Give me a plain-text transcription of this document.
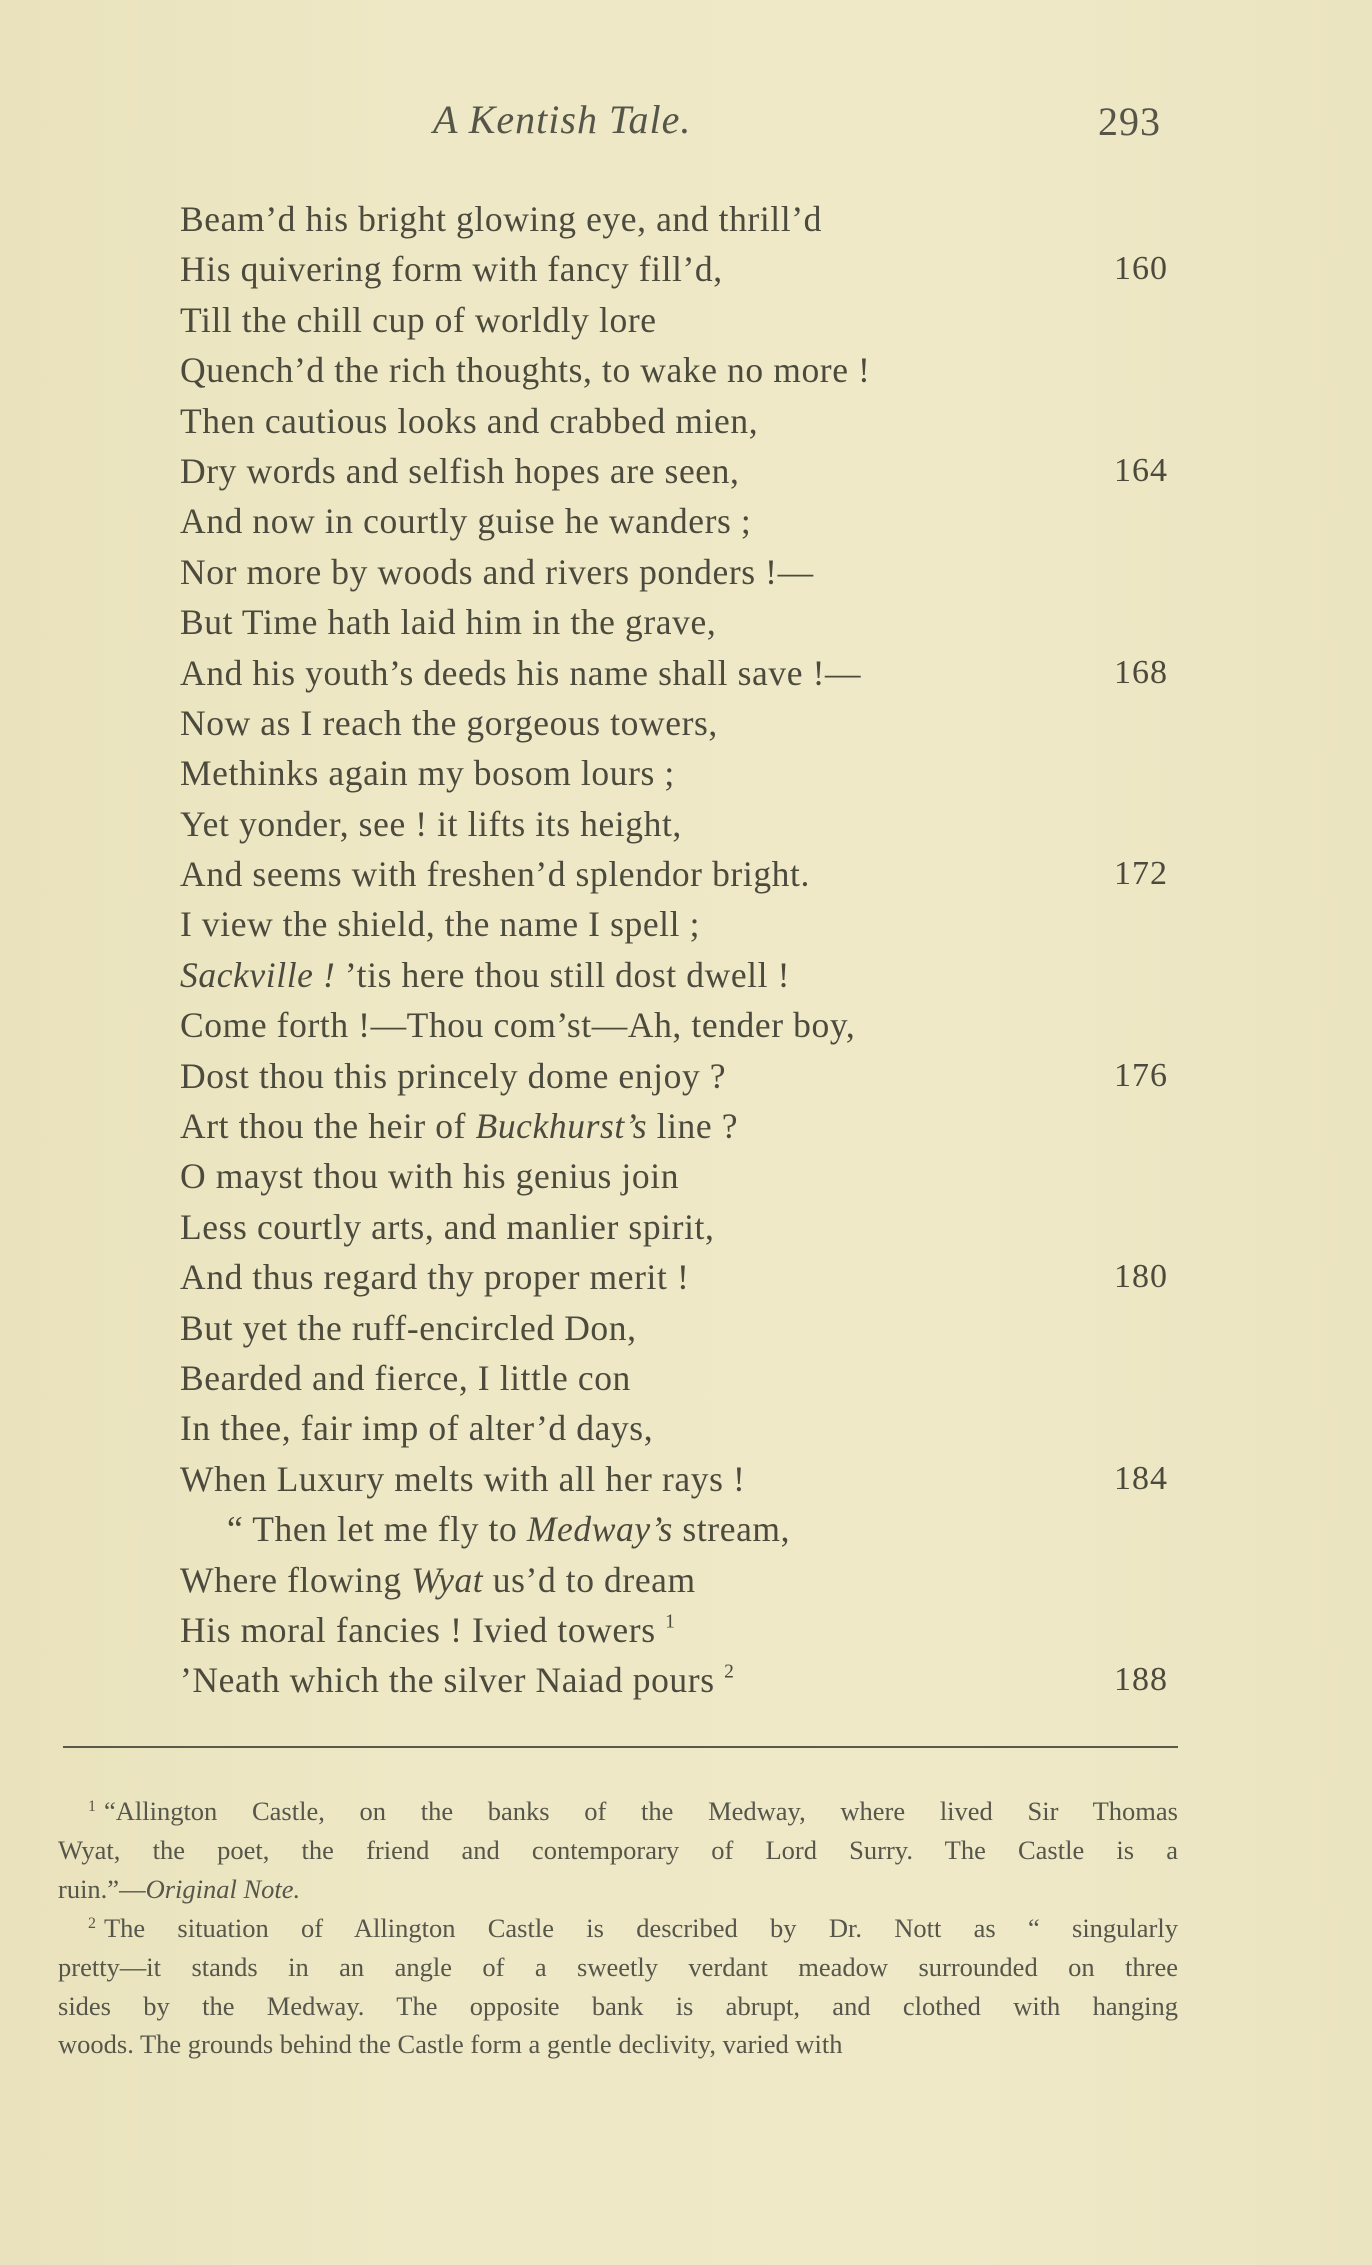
A Kentish Tale.	293
Beam’d his bright glowing eye, and thrill’d
His quivering form with fancy fill’d,	160
Till the chill cup of worldly lore
Quench’d the rich thoughts, to wake no more !
Then cautious looks and crabbed mien,
Dry words and selfish hopes are seen,	164
And now in courtly guise he wanders ;
Nor more by woods and rivers ponders !—
But Time hath laid him in the grave,
And his youth’s deeds his name shall save !—	168
Now as I reach the gorgeous towers,
Methinks again my bosom lours ;
Yet yonder, see ! it lifts its height,
And seems with freshen’d splendor bright.	172
I view the shield, the name I spell ;
Sackville ! ’tis here thou still dost dwell !
Come forth !—Thou com’st—Ah, tender boy,
Dost thou this princely dome enjoy ?	176
Art thou the heir of Buckhurst’s line ?
O mayst thou with his genius join
Less courtly arts, and manlier spirit,
And thus regard thy proper merit !	180
But yet the ruff-encircled Don,
Bearded and fierce, I little con
In thee, fair imp of alter’d days,
When Luxury melts with all her rays !	184
“ Then let me fly to Medway’s stream,
Where flowing Wyat us’d to dream
His moral fancies ! Ivied towers $^1$
’Neath which the silver Naiad pours $^2$	188
$^1$ “Allington Castle, on the banks of the Medway, where lived Sir Thomas
Wyat, the poet, the friend and contemporary of Lord Surry. The Castle is a
ruin.”—Original Note.
$^2$ The situation of Allington Castle is described by Dr. Nott as “ singularly
pretty—it stands in an angle of a sweetly verdant meadow surrounded on three
sides by the Medway. The opposite bank is abrupt, and clothed with hanging
woods. The grounds behind the Castle form a gentle declivity, varied with
